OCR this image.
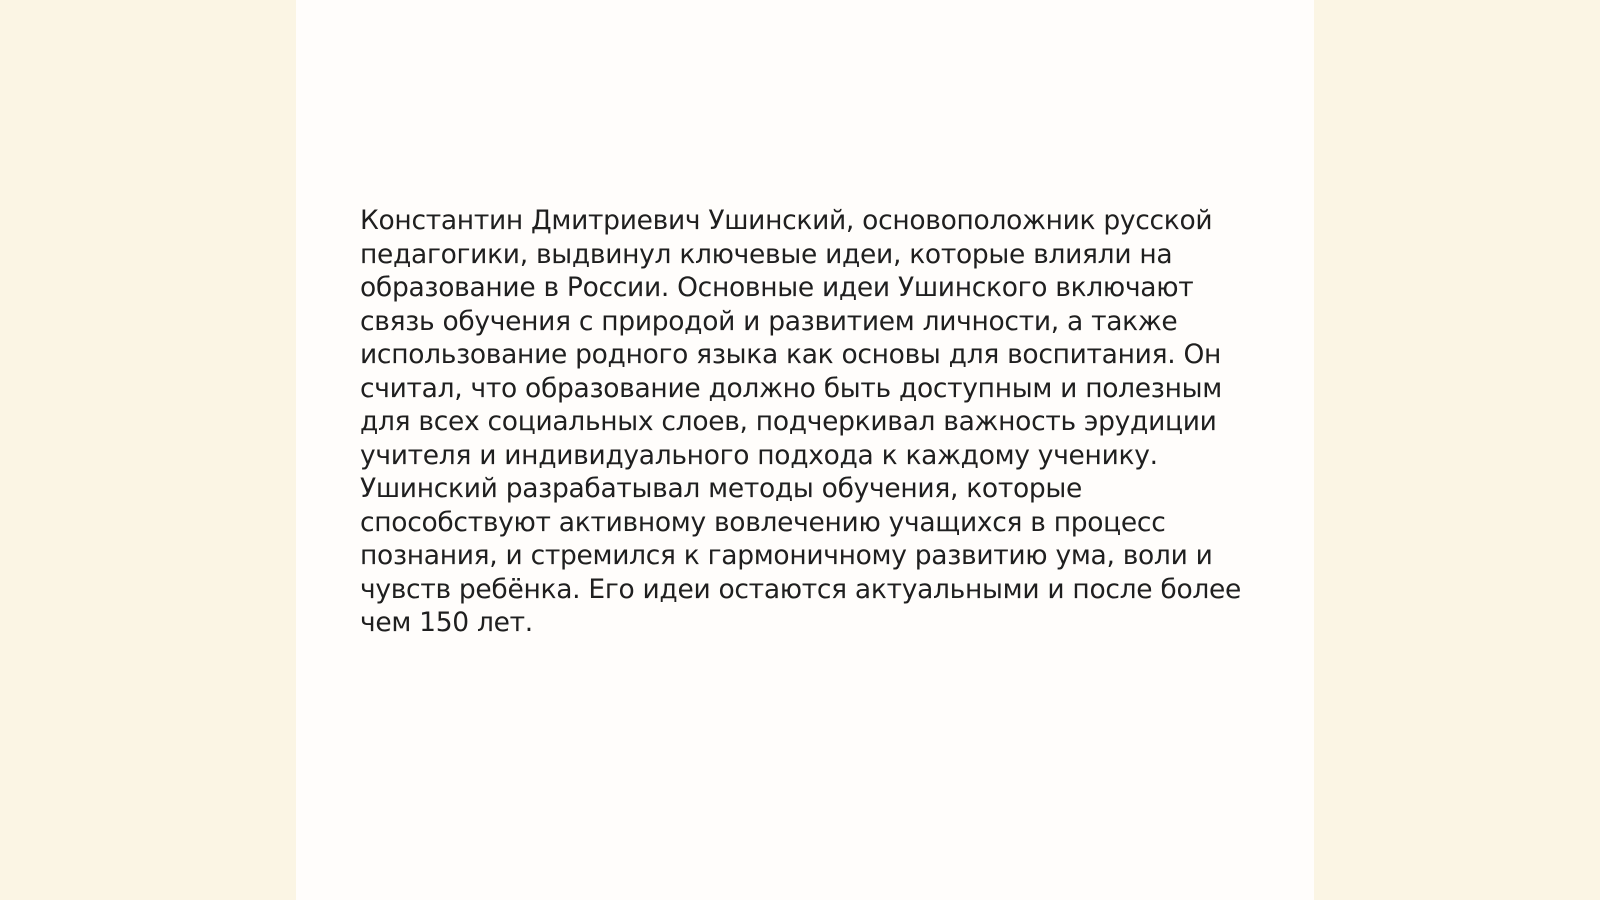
Константин Дмитриевич Ушинский, основоположник русской
педагогики, выдвинул ключевые идеи, которые влияли на
образование в России. Основные идеи Ушинского включают
связь обучения с природой и развитием личности, а также
использование родного языка как основы для воспитания. Он
считал, что образование должно быть доступным и полезным
для всех социальных слоев, подчеркивал важность эрудиции
учителя и индивидуального подхода к каждому ученику.
Ушинский разрабатывал методы обучения, которые
способствуют активному вовлечению учащихся в процесс
познания, и стремился к гармоничному развитию ума, воли и
чувств ребёнка. Его идеи остаются актуальными и после более
чем 150 лет.
